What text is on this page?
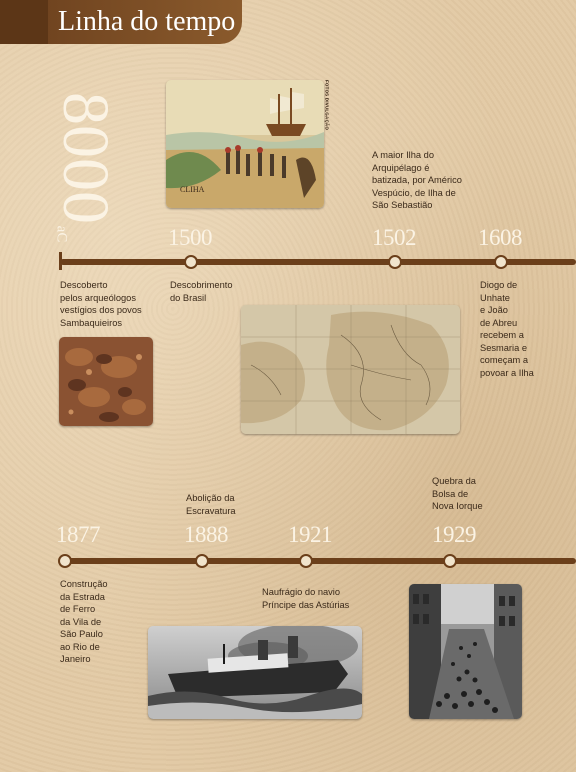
Linha do tempo
8000
aC	1500	1502	1608
Descoberto
pelos arqueólogos
vestígios dos povos
Sambaquieiros
Descobrimento
do Brasil
A maior Ilha do
Arquipélago é
batizada, por Américo
Vespúcio, de Ilha de
São Sebastião
Diogo de
Unhate
e João
de Abreu
recebem a
Sesmaria e
começam a
povoar a Ilha
CLIHA
FOTOS DIVULGAÇÃO
1877	1888	1921	1929
Construção
da Estrada
de Ferro
da Vila de
São Paulo
ao Rio de
Janeiro
Abolição da
Escravatura
Naufrágio do navio
Príncipe das Astúrias
Quebra da
Bolsa de
Nova Iorque
